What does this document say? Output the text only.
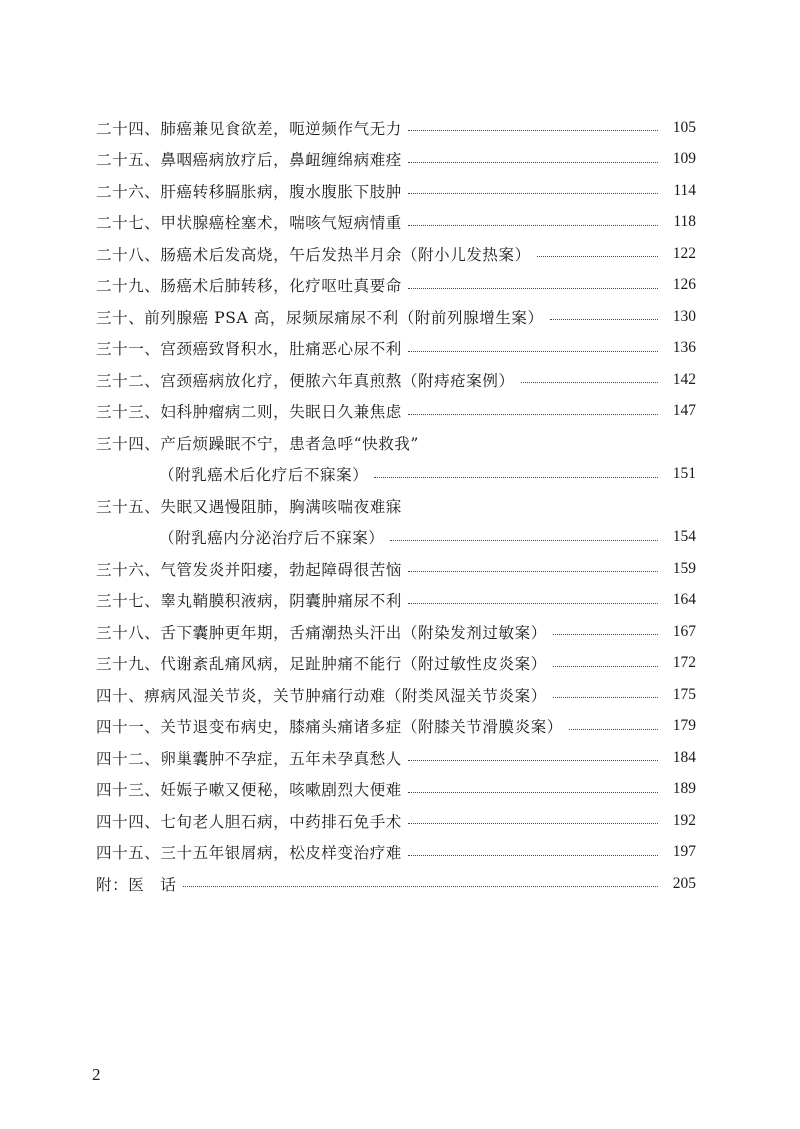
二十四、肺癌兼见食欲差，呃逆频作气无力	105
二十五、鼻咽癌病放疗后，鼻衄缠绵病难痊	109
二十六、肝癌转移膈胀病，腹水腹胀下肢肿	114
二十七、甲状腺癌栓塞术，喘咳气短病情重	118
二十八、肠癌术后发高烧，午后发热半月余（附小儿发热案）	122
二十九、肠癌术后肺转移，化疗呕吐真要命	126
三十、前列腺癌 PSA 高，尿频尿痛尿不利（附前列腺增生案）	130
三十一、宫颈癌致肾积水，肚痛恶心尿不利	136
三十二、宫颈癌病放化疗，便脓六年真煎熬（附痔疮案例）	142
三十三、妇科肿瘤病二则，失眠日久兼焦虑	147
三十四、产后烦躁眠不宁，患者急呼“快救我”
（附乳癌术后化疗后不寐案）	151
三十五、失眠又遇慢阻肺，胸满咳喘夜难寐
（附乳癌内分泌治疗后不寐案）	154
三十六、气管发炎并阳痿，勃起障碍很苦恼	159
三十七、睾丸鞘膜积液病，阴囊肿痛尿不利	164
三十八、舌下囊肿更年期，舌痛潮热头汗出（附染发剂过敏案）	167
三十九、代谢紊乱痛风病，足趾肿痛不能行（附过敏性皮炎案）	172
四十、痹病风湿关节炎，关节肿痛行动难（附类风湿关节炎案）	175
四十一、关节退变布病史，膝痛头痛诸多症（附膝关节滑膜炎案）	179
四十二、卵巢囊肿不孕症，五年未孕真愁人	184
四十三、妊娠子嗽又便秘，咳嗽剧烈大便难	189
四十四、七旬老人胆石病，中药排石免手术	192
四十五、三十五年银屑病，松皮样变治疗难	197
附：医　话	205
2
